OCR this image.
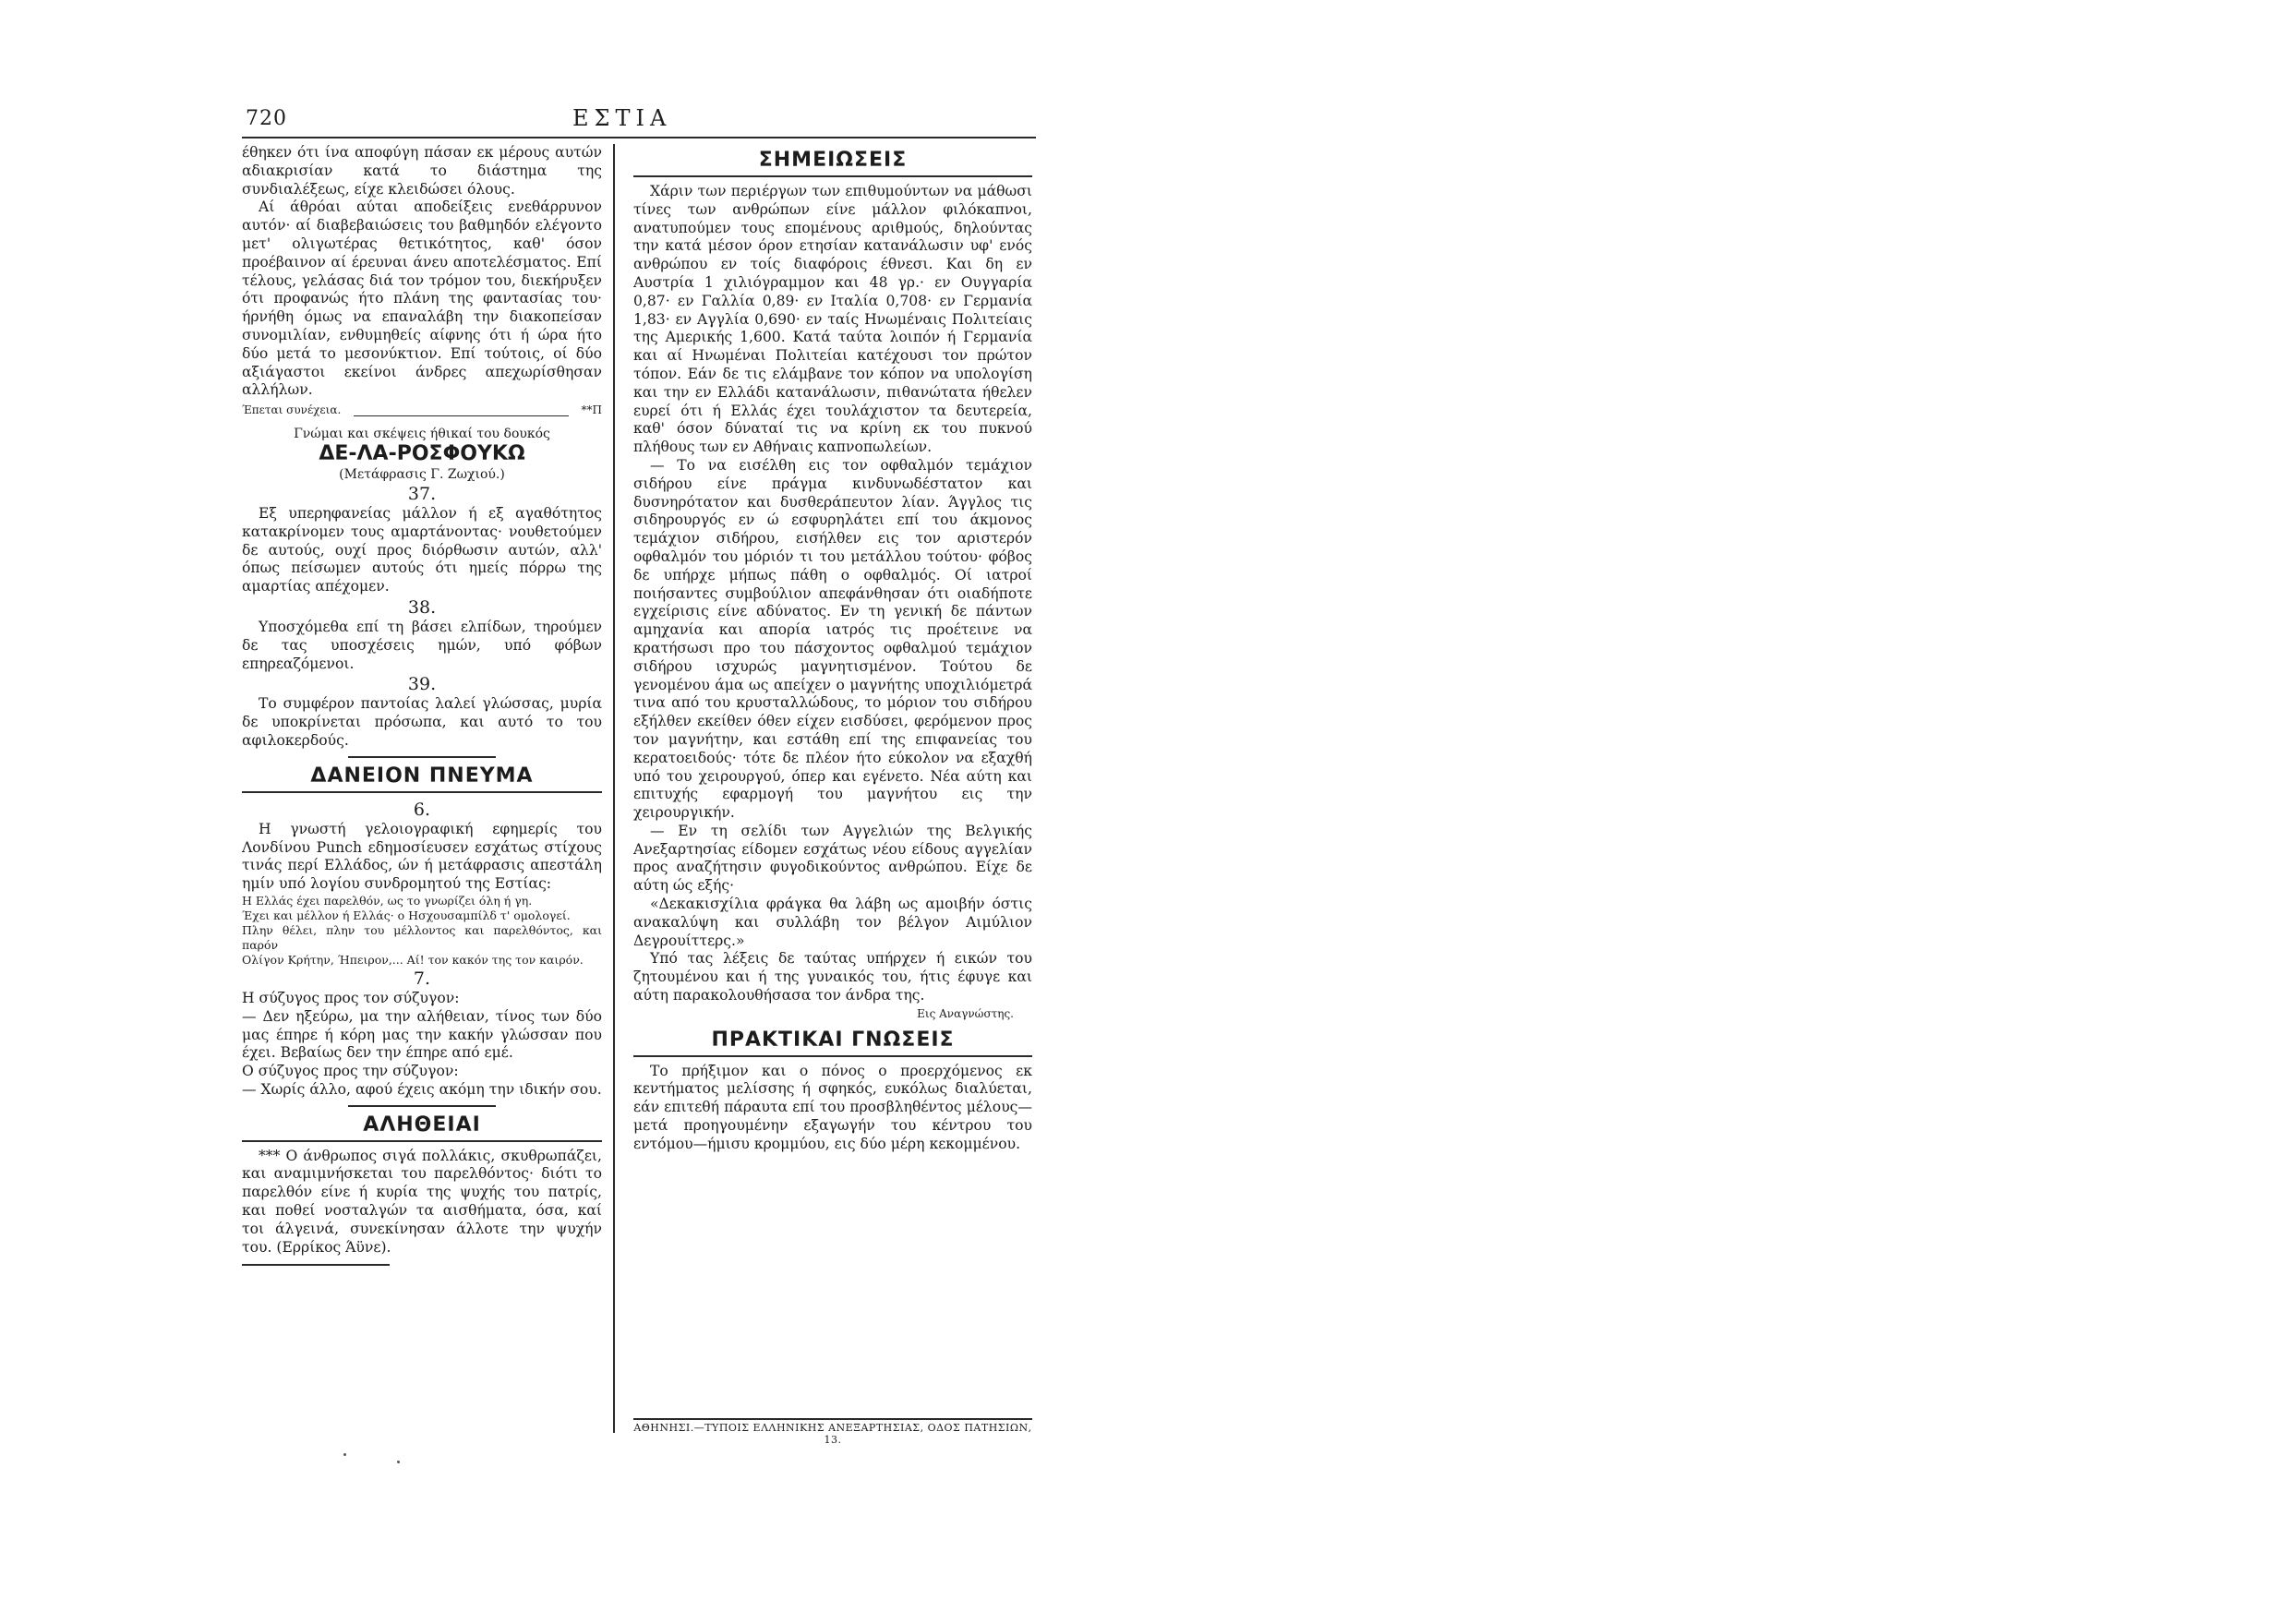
720	ΕΣΤΙΑ

έθηκεν ότι ίνα αποφύγη πάσαν εκ μέρους αυτών αδιακρισίαν κατά το διάστημα της συνδιαλέξεως, είχε κλειδώσει όλους.

Αί άθρόαι αύται αποδείξεις ενεθάρρυνον αυτόν· αί διαβεβαιώσεις του βαθμηδόν ελέγοντο μετ' ολιγωτέρας θετικότητος, καθ' όσον προέβαινον αί έρευναι άνευ αποτελέσματος. Επί τέλους, γελάσας διά τον τρόμον του, διεκήρυξεν ότι προφανώς ήτο πλάνη της φαντασίας του· ήρνήθη όμως να επαναλάβη την διακοπείσαν συνομιλίαν, ενθυμηθείς αίφνης ότι ή ώρα ήτο δύο μετά το μεσονύκτιον. Επί τούτοις, οί δύο αξιάγαστοι εκείνοι άνδρες απεχωρίσθησαν αλλήλων.

Έπεται συνέχεια.	**Π
Γνώμαι και σκέψεις ήθικαί του δουκός
ΔΕ-ΛΑ-ΡΟΣΦΟΥΚΩ
(Μετάφρασις Γ. Ζωχιού.)
37.

Εξ υπερηφανείας μάλλον ή εξ αγαθότητος κατακρίνομεν τους αμαρτάνοντας· νουθετούμεν δε αυτούς, ουχί προς διόρθωσιν αυτών, αλλ' όπως πείσωμεν αυτούς ότι ημείς πόρρω της αμαρτίας απέχομεν.

38.

Υποσχόμεθα επί τη βάσει ελπίδων, τηρούμεν δε τας υποσχέσεις ημών, υπό φόβων επηρεαζόμενοι.

39.

Το συμφέρον παντοίας λαλεί γλώσσας, μυρία δε υποκρίνεται πρόσωπα, και αυτό το του αφιλοκερδούς.

ΔΑΝΕΙΟΝ ΠΝΕΥΜΑ
6.

Η γνωστή γελοιογραφική εφημερίς του Λονδίνου Punch εδημοσίευσεν εσχάτως στίχους τινάς περί Ελλάδος, ών ή μετάφρασις απεστάλη ημίν υπό λογίου συνδρομητού της Εστίας:

Η Ελλάς έχει παρελθόν, ως το γνωρίζει όλη ή γη.
Έχει και μέλλον ή Ελλάς· ο Ησχουσαμπίλδ τ' ομολογεί.
Πλην θέλει, πλην του μέλλοντος και παρελθόντος, και παρόν
Ολίγον Κρήτην, Ήπειρον,... Αί! τον κακόν της τον καιρόν.
7.

Η σύζυγος προς τον σύζυγον:

— Δεν ηξεύρω, μα την αλήθειαν, τίνος των δύο μας έπηρε ή κόρη μας την κακήν γλώσσαν που έχει. Βεβαίως δεν την έπηρε από εμέ.

Ο σύζυγος προς την σύζυγον:

— Χωρίς άλλο, αφού έχεις ακόμη την ιδικήν σου.

ΑΛΗΘΕΙΑΙ

*** Ο άνθρωπος σιγά πολλάκις, σκυθρωπάζει, και αναμιμνήσκεται του παρελθόντος· διότι το παρελθόν είνε ή κυρία της ψυχής του πατρίς, και ποθεί νοσταλγών τα αισθήματα, όσα, καί τοι άλγεινά, συνεκίνησαν άλλοτε την ψυχήν του. (Ερρίκος Άϋνε).

ΣΗΜΕΙΩΣΕΙΣ

Χάριν των περιέργων των επιθυμούντων να μάθωσι τίνες των ανθρώπων είνε μάλλον φιλόκαπνοι, ανατυπούμεν τους επομένους αριθμούς, δηλούντας την κατά μέσον όρον ετησίαν κατανάλωσιν υφ' ενός ανθρώπου εν τοίς διαφόροις έθνεσι. Και δη εν Αυστρία 1 χιλιόγραμμον και 48 γρ.· εν Ουγγαρία 0,87· εν Γαλλία 0,89· εν Ιταλία 0,708· εν Γερμανία 1,83· εν Αγγλία 0,690· εν ταίς Ηνωμέναις Πολιτείαις της Αμερικής 1,600. Κατά ταύτα λοιπόν ή Γερμανία και αί Ηνωμέναι Πολιτείαι κατέχουσι τον πρώτον τόπον. Εάν δε τις ελάμβανε τον κόπον να υπολογίση και την εν Ελλάδι κατανάλωσιν, πιθανώτατα ήθελεν ευρεί ότι ή Ελλάς έχει τουλάχιστον τα δευτερεία, καθ' όσον δύναταί τις να κρίνη εκ του πυκνού πλήθους των εν Αθήναις καπνοπωλείων.

— Το να εισέλθη εις τον οφθαλμόν τεμάχιον σιδήρου είνε πράγμα κινδυνωδέστατον και δυσνηρότατον και δυσθεράπευτον λίαν. Άγγλος τις σιδηρουργός εν ώ εσφυρηλάτει επί του άκμονος τεμάχιον σιδήρου, εισήλθεν εις τον αριστερόν οφθαλμόν του μόριόν τι του μετάλλου τούτου· φόβος δε υπήρχε μήπως πάθη ο οφθαλμός. Οί ιατροί ποιήσαντες συμβούλιον απεφάνθησαν ότι οιαδήποτε εγχείρισις είνε αδύνατος. Εν τη γενική δε πάντων αμηχανία και απορία ιατρός τις προέτεινε να κρατήσωσι προ του πάσχοντος οφθαλμού τεμάχιον σιδήρου ισχυρώς μαγνητισμένον. Τούτου δε γενομένου άμα ως απείχεν ο μαγνήτης υποχιλιόμετρά τινα από του κρυσταλλώδους, το μόριον του σιδήρου εξήλθεν εκείθεν όθεν είχεν εισδύσει, φερόμενον προς τον μαγνήτην, και εστάθη επί της επιφανείας του κερατοειδούς· τότε δε πλέον ήτο εύκολον να εξαχθή υπό του χειρουργού, όπερ και εγένετο. Νέα αύτη και επιτυχής εφαρμογή του μαγνήτου εις την χειρουργικήν.

— Εν τη σελίδι των Αγγελιών της Βελγικής Ανεξαρτησίας είδομεν εσχάτως νέου είδους αγγελίαν προς αναζήτησιν φυγοδικούντος ανθρώπου. Είχε δε αύτη ώς εξής·

«Δεκακισχίλια φράγκα θα λάβη ως αμοιβήν όστις ανακαλύψη και συλλάβη τον βέλγον Αιμύλιον Δεγρουίττερς.»

Υπό τας λέξεις δε ταύτας υπήρχεν ή εικών του ζητουμένου και ή της γυναικός του, ήτις έφυγε και αύτη παρακολουθήσασα τον άνδρα της.

Εις Αναγνώστης.
ΠΡΑΚΤΙΚΑΙ ΓΝΩΣΕΙΣ

Το πρήξιμον και ο πόνος ο προερχόμενος εκ κεντήματος μελίσσης ή σφηκός, ευκόλως διαλύεται, εάν επιτεθή πάραυτα επί του προσβληθέντος μέλους—μετά προηγουμένην εξαγωγήν του κέντρου του εντόμου—ήμισυ κρομμύου, εις δύο μέρη κεκομμένου.

ΑΘΗΝΗΣΙ.—ΤΥΠΟΙΣ ΕΛΛΗΝΙΚΗΣ ΑΝΕΞΑΡΤΗΣΙΑΣ, ΟΔΟΣ ΠΑΤΗΣΙΩΝ, 13.
